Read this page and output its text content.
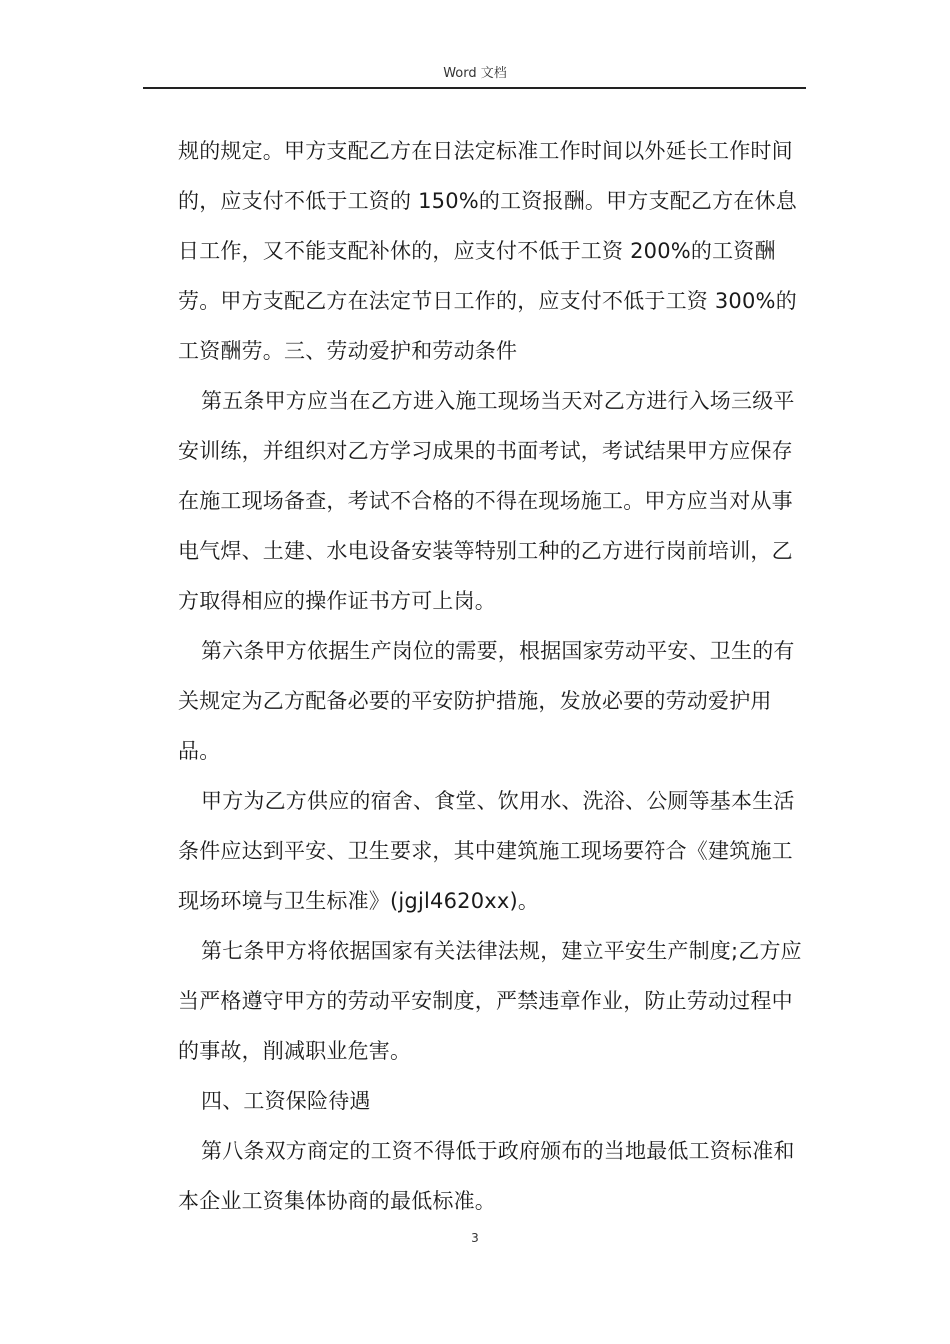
Word 文档

规的规定。甲方支配乙方在日法定标准工作时间以外延长工作时间的，应支付不低于工资的 150%的工资报酬。甲方支配乙方在休息日工作，又不能支配补休的，应支付不低于工资 200%的工资酬劳。甲方支配乙方在法定节日工作的，应支付不低于工资 300%的工资酬劳。三、劳动爱护和劳动条件

第五条甲方应当在乙方进入施工现场当天对乙方进行入场三级平安训练，并组织对乙方学习成果的书面考试，考试结果甲方应保存在施工现场备查，考试不合格的不得在现场施工。甲方应当对从事电气焊、土建、水电设备安装等特别工种的乙方进行岗前培训，乙方取得相应的操作证书方可上岗。

第六条甲方依据生产岗位的需要，根据国家劳动平安、卫生的有关规定为乙方配备必要的平安防护措施，发放必要的劳动爱护用品。

甲方为乙方供应的宿舍、食堂、饮用水、洗浴、公厕等基本生活条件应达到平安、卫生要求，其中建筑施工现场要符合《建筑施工现场环境与卫生标准》(jgjl4620xx)。

第七条甲方将依据国家有关法律法规，建立平安生产制度;乙方应当严格遵守甲方的劳动平安制度，严禁违章作业，防止劳动过程中的事故，削减职业危害。

四、工资保险待遇

第八条双方商定的工资不得低于政府颁布的当地最低工资标准和本企业工资集体协商的最低标准。

3
